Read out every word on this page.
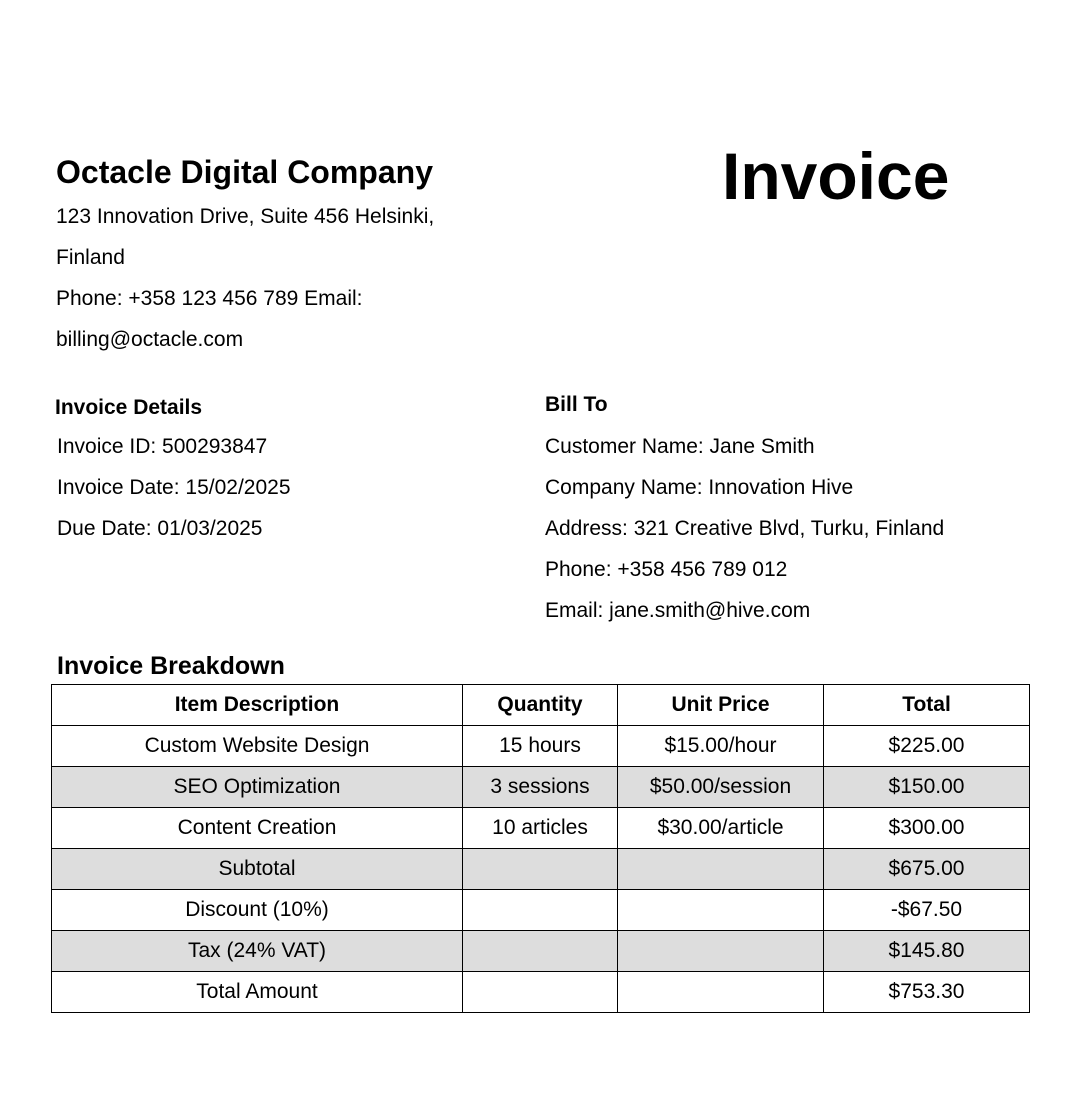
Octacle Digital Company

123 Innovation Drive, Suite 456 Helsinki,

Finland

Phone: +358 123 456 789 Email:

billing@octacle.com

Invoice
Invoice Details

Invoice ID: 500293847

Invoice Date: 15/02/2025

Due Date: 01/03/2025

Bill To

Customer Name: Jane Smith

Company Name: Innovation Hive

Address: 321 Creative Blvd, Turku, Finland

Phone: +358 456 789 012

Email: jane.smith@hive.com

Invoice Breakdown
Item Description	Quantity	Unit Price	Total
Custom Website Design	15 hours	$15.00/hour	$225.00
SEO Optimization	3 sessions	$50.00/session	$150.00
Content Creation	10 articles	$30.00/article	$300.00
Subtotal			$675.00
Discount (10%)			-$67.50
Tax (24% VAT)			$145.80
Total Amount			$753.30
